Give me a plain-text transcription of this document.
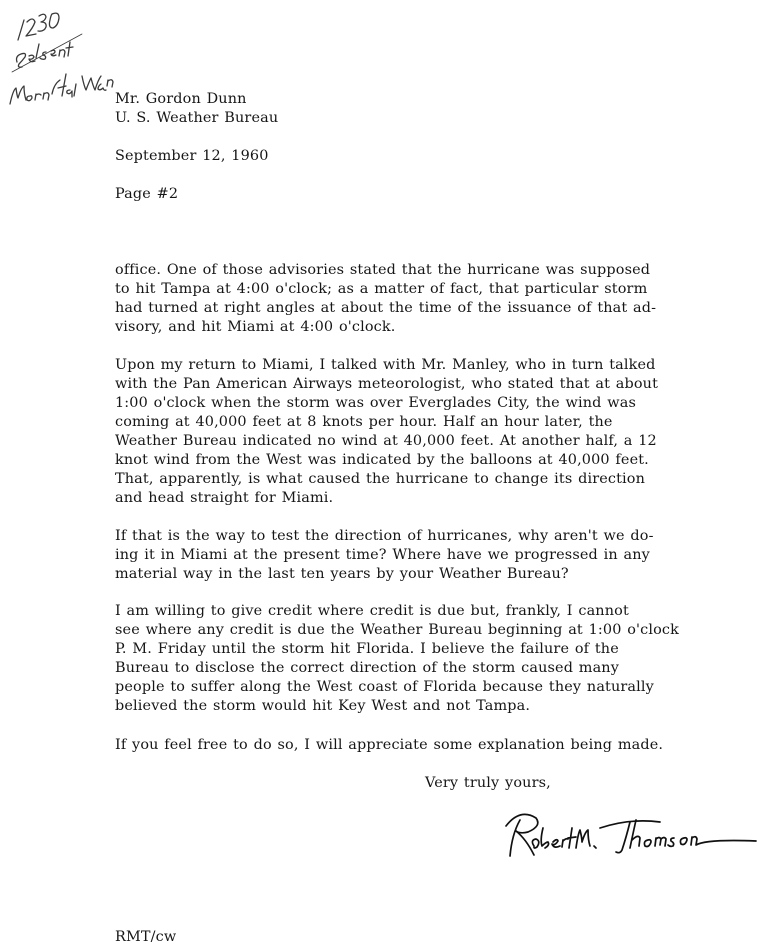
Mr. Gordon Dunn
U. S. Weather Bureau
September 12, 1960
Page #2
office. One of those advisories stated that the hurricane was supposed
to hit Tampa at 4:00 o'clock; as a matter of fact, that particular storm
had turned at right angles at about the time of the issuance of that ad-
visory, and hit Miami at 4:00 o'clock.
Upon my return to Miami, I talked with Mr. Manley, who in turn talked
with the Pan American Airways meteorologist, who stated that at about
1:00 o'clock when the storm was over Everglades City, the wind was
coming at 40,000 feet at 8 knots per hour. Half an hour later, the
Weather Bureau indicated no wind at 40,000 feet. At another half, a 12
knot wind from the West was indicated by the balloons at 40,000 feet.
That, apparently, is what caused the hurricane to change its direction
and head straight for Miami.
If that is the way to test the direction of hurricanes, why aren't we do-
ing it in Miami at the present time? Where have we progressed in any
material way in the last ten years by your Weather Bureau?
I am willing to give credit where credit is due but, frankly, I cannot
see where any credit is due the Weather Bureau beginning at 1:00 o'clock
P. M. Friday until the storm hit Florida. I believe the failure of the
Bureau to disclose the correct direction of the storm caused many
people to suffer along the West coast of Florida because they naturally
believed the storm would hit Key West and not Tampa.
If you feel free to do so, I will appreciate some explanation being made.
Very truly yours,
RMT/cw
